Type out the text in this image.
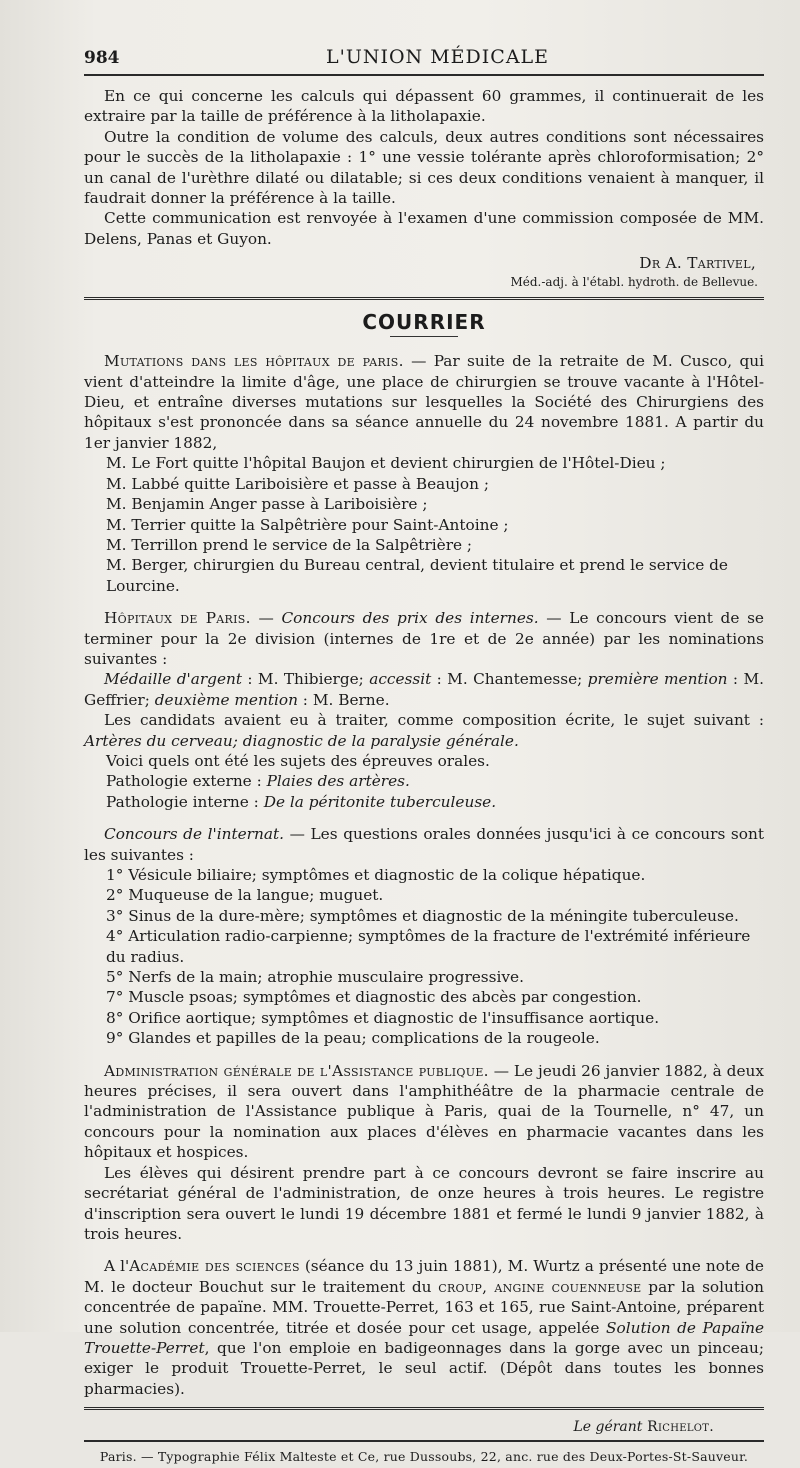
984	L'UNION MÉDICALE

En ce qui concerne les calculs qui dépassent 60 grammes, il continuerait de les extraire par la taille de préférence à la litholapaxie.

Outre la condition de volume des calculs, deux autres conditions sont nécessaires pour le succès de la litholapaxie : 1° une vessie tolérante après chloroformisation; 2° un canal de l'urèthre dilaté ou dilatable; si ces deux conditions venaient à manquer, il faudrait donner la préférence à la taille.

Cette communication est renvoyée à l'examen d'une commission composée de MM. Delens, Panas et Guyon.

Dr A. Tartivel,
Méd.-adj. à l'établ. hydroth. de Bellevue.
COURRIER

Mutations dans les hôpitaux de paris. — Par suite de la retraite de M. Cusco, qui vient d'atteindre la limite d'âge, une place de chirurgien se trouve vacante à l'Hôtel-Dieu, et entraîne diverses mutations sur lesquelles la Société des Chirurgiens des hôpitaux s'est prononcée dans sa séance annuelle du 24 novembre 1881. A partir du 1er janvier 1882,

M. Le Fort quitte l'hôpital Baujon et devient chirurgien de l'Hôtel-Dieu ;

M. Labbé quitte Lariboisière et passe à Beaujon ;

M. Benjamin Anger passe à Lariboisière ;

M. Terrier quitte la Salpêtrière pour Saint-Antoine ;

M. Terrillon prend le service de la Salpêtrière ;

M. Berger, chirurgien du Bureau central, devient titulaire et prend le service de Lourcine.

Hôpitaux de Paris. — Concours des prix des internes. — Le concours vient de se terminer pour la 2e division (internes de 1re et de 2e année) par les nominations suivantes :

Médaille d'argent : M. Thibierge; accessit : M. Chantemesse; première mention : M. Geffrier; deuxième mention : M. Berne.

Les candidats avaient eu à traiter, comme composition écrite, le sujet suivant : Artères du cerveau; diagnostic de la paralysie générale.

Voici quels ont été les sujets des épreuves orales.

Pathologie externe : Plaies des artères.

Pathologie interne : De la péritonite tuberculeuse.

Concours de l'internat. — Les questions orales données jusqu'ici à ce concours sont les suivantes :

1° Vésicule biliaire; symptômes et diagnostic de la colique hépatique.

2° Muqueuse de la langue; muguet.

3° Sinus de la dure-mère; symptômes et diagnostic de la méningite tuberculeuse.

4° Articulation radio-carpienne; symptômes de la fracture de l'extrémité inférieure du radius.

5° Nerfs de la main; atrophie musculaire progressive.

7° Muscle psoas; symptômes et diagnostic des abcès par congestion.

8° Orifice aortique; symptômes et diagnostic de l'insuffisance aortique.

9° Glandes et papilles de la peau; complications de la rougeole.

Administration générale de l'Assistance publique. — Le jeudi 26 janvier 1882, à deux heures précises, il sera ouvert dans l'amphithéâtre de la pharmacie centrale de l'administration de l'Assistance publique à Paris, quai de la Tournelle, n° 47, un concours pour la nomination aux places d'élèves en pharmacie vacantes dans les hôpitaux et hospices.

Les élèves qui désirent prendre part à ce concours devront se faire inscrire au secrétariat général de l'administration, de onze heures à trois heures. Le registre d'inscription sera ouvert le lundi 19 décembre 1881 et fermé le lundi 9 janvier 1882, à trois heures.

A l'Académie des sciences (séance du 13 juin 1881), M. Wurtz a présenté une note de M. le docteur Bouchut sur le traitement du croup, angine couenneuse par la solution concentrée de papaïne. MM. Trouette-Perret, 163 et 165, rue Saint-Antoine, préparent une solution concentrée, titrée et dosée pour cet usage, appelée Solution de Papaïne Trouette-Perret, que l'on emploie en badigeonnages dans la gorge avec un pinceau; exiger le produit Trouette-Perret, le seul actif. (Dépôt dans toutes les bonnes pharmacies).

Le gérant Richelot.
Paris. — Typographie Félix Malteste et Ce, rue Dussoubs, 22, anc. rue des Deux-Portes-St-Sauveur.
